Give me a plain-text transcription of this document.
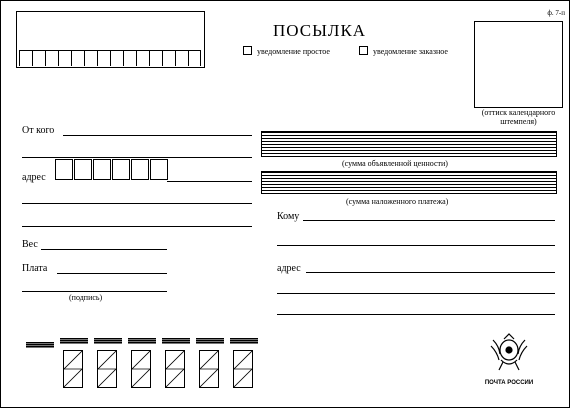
ПОСЫЛКА
уведомление простое	уведомление заказное
ф. 7-п
(оттиск календарного штемпеля)
От кого
адрес
Вес
Плата
(подпись)
(сумма объявленной ценности)
(сумма наложенного платежа)
Кому
адрес
ПОЧТА РОССИИ
